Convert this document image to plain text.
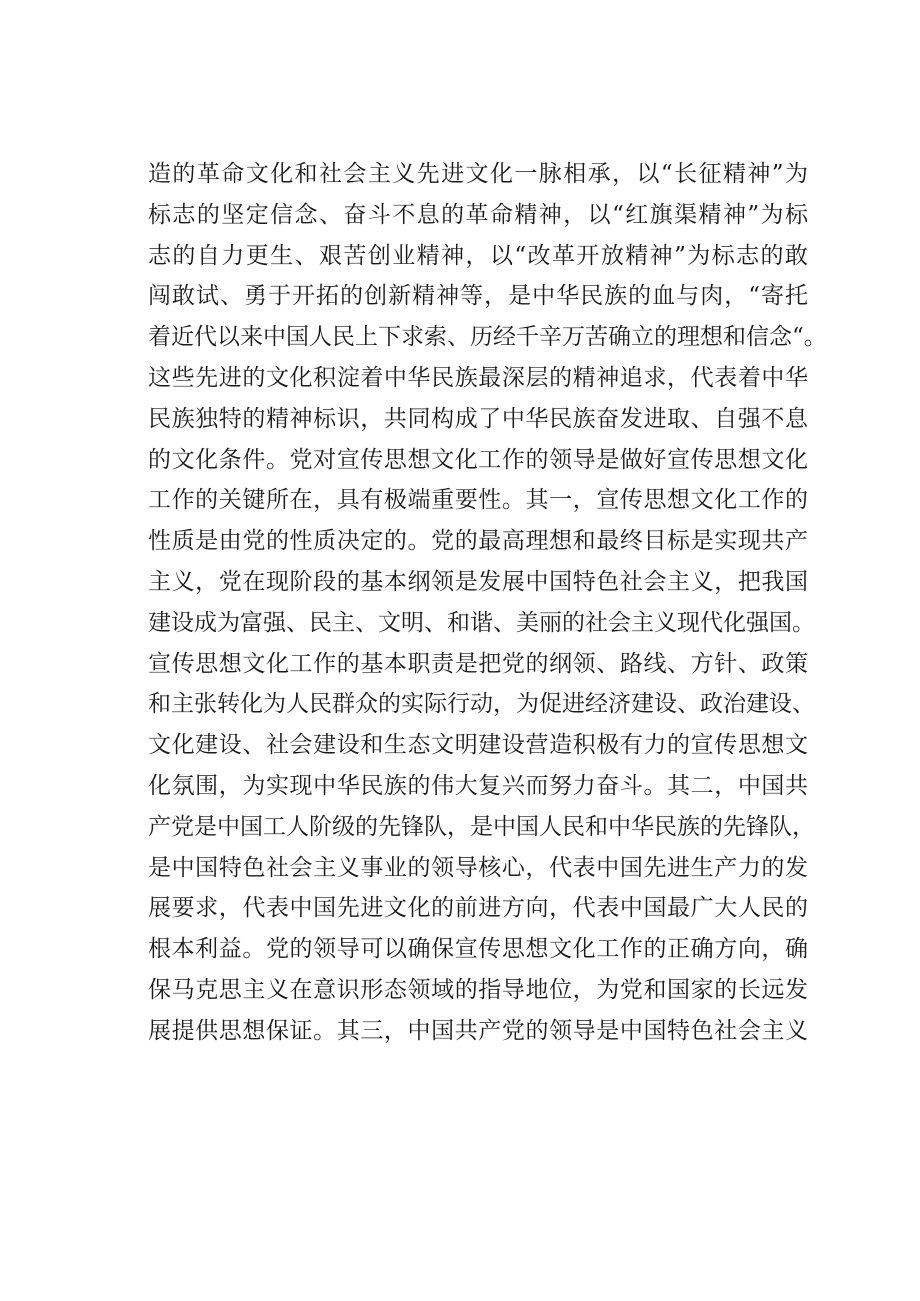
造的革命文化和社会主义先进文化一脉相承，以“长征精神”为
标志的坚定信念、奋斗不息的革命精神，以“红旗渠精神”为标
志的自力更生、艰苦创业精神，以“改革开放精神”为标志的敢
闯敢试、勇于开拓的创新精神等，是中华民族的血与肉，“寄托
着近代以来中国人民上下求索、历经千辛万苦确立的理想和信念“。
这些先进的文化积淀着中华民族最深层的精神追求，代表着中华
民族独特的精神标识，共同构成了中华民族奋发进取、自强不息
的文化条件。党对宣传思想文化工作的领导是做好宣传思想文化
工作的关键所在，具有极端重要性。其一，宣传思想文化工作的
性质是由党的性质决定的。党的最高理想和最终目标是实现共产
主义，党在现阶段的基本纲领是发展中国特色社会主义，把我国
建设成为富强、民主、文明、和谐、美丽的社会主义现代化强国。
宣传思想文化工作的基本职责是把党的纲领、路线、方针、政策
和主张转化为人民群众的实际行动，为促进经济建设、政治建设、
文化建设、社会建设和生态文明建设营造积极有力的宣传思想文
化氛围，为实现中华民族的伟大复兴而努力奋斗。其二，中国共
产党是中国工人阶级的先锋队，是中国人民和中华民族的先锋队，
是中国特色社会主义事业的领导核心，代表中国先进生产力的发
展要求，代表中国先进文化的前进方向，代表中国最广大人民的
根本利益。党的领导可以确保宣传思想文化工作的正确方向，确
保马克思主义在意识形态领域的指导地位，为党和国家的长远发
展提供思想保证。其三，中国共产党的领导是中国特色社会主义
